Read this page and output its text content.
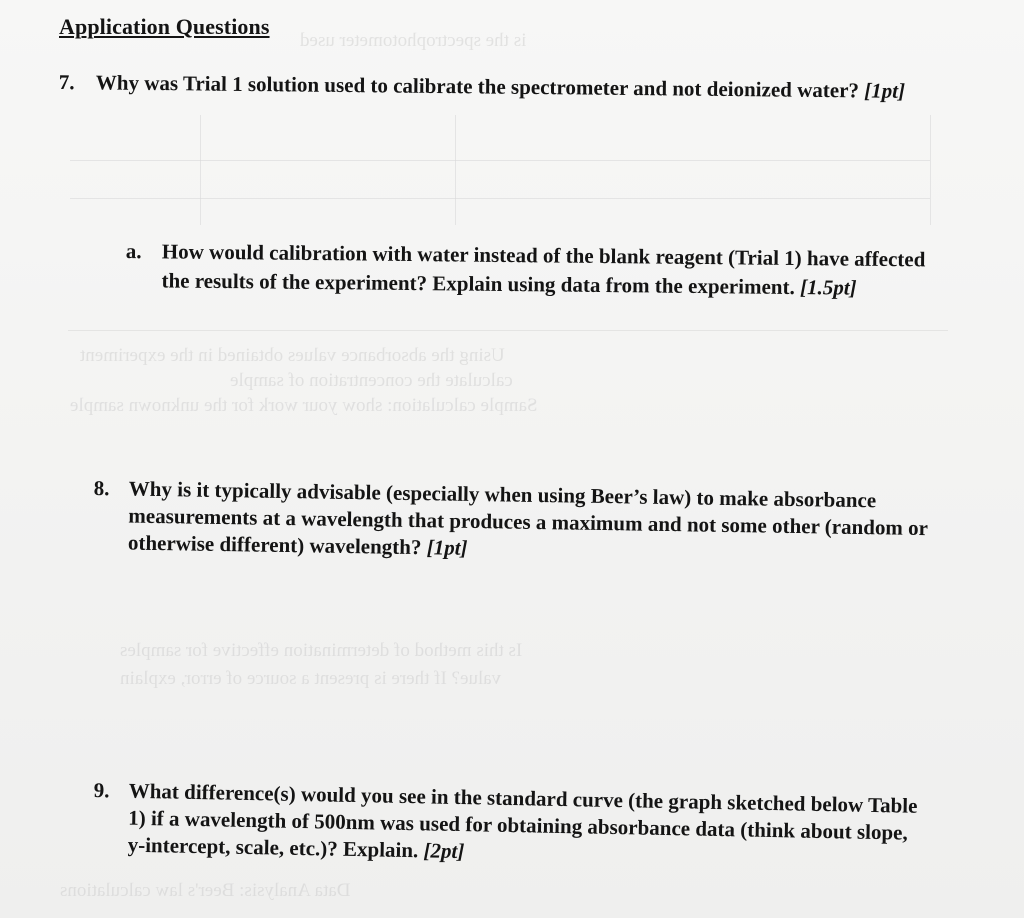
is the spectrophotometer used
Using the absorbance values obtained in the experiment
calculate the concentration of sample
Sample calculation: show your work for the unknown sample
Is this method of determination effective for samples
value? If there is present a source of error, explain
Data Analysis: Beer's law calculations
Application Questions
7. Why was Trial 1 solution used to calibrate the spectrometer and not deionized water? [1pt]
a. How would calibration with water instead of the blank reagent (Trial 1) have affected the results of the experiment? Explain using data from the experiment. [1.5pt]
8. Why is it typically advisable (especially when using Beer’s law) to make absorbance measurements at a wavelength that produces a maximum and not some other (random or otherwise different) wavelength? [1pt]
9. What difference(s) would you see in the standard curve (the graph sketched below Table 1) if a wavelength of 500nm was used for obtaining absorbance data (think about slope, y-intercept, scale, etc.)? Explain. [2pt]
